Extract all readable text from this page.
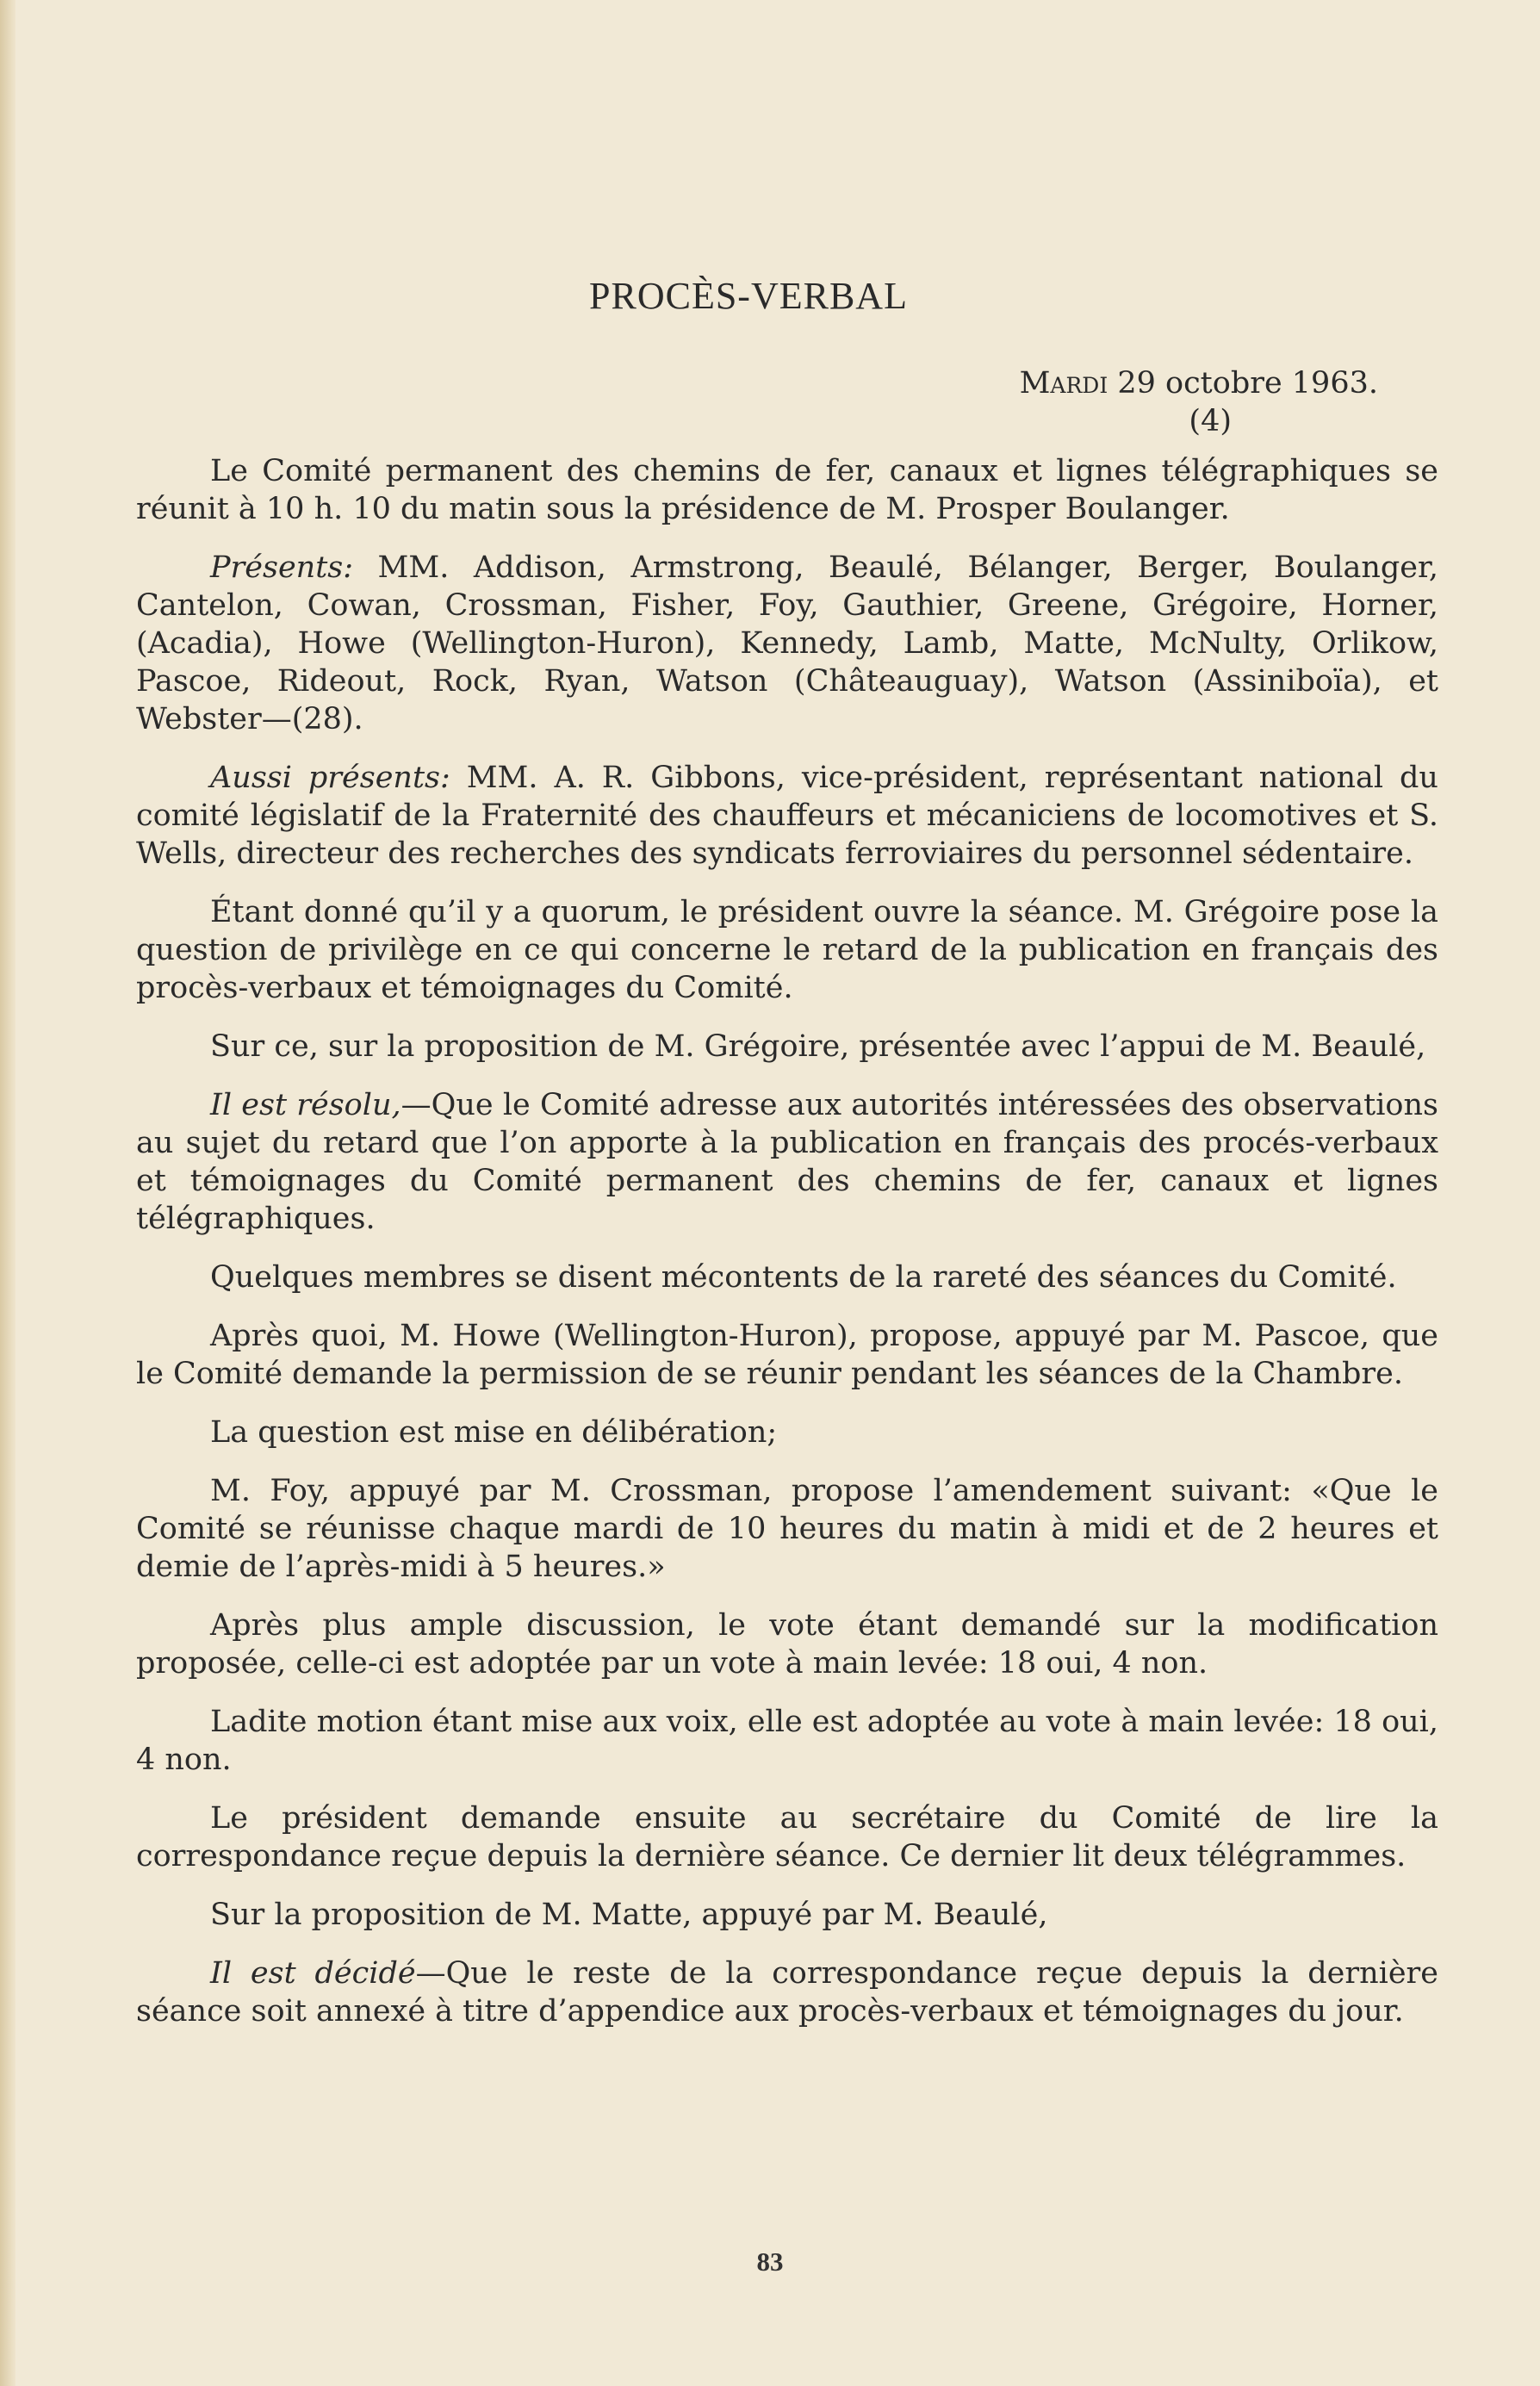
PROCÈS-VERBAL
Mardi 29 octobre 1963.
(4)

Le Comité permanent des chemins de fer, canaux et lignes télégraphiques se réunit à 10 h. 10 du matin sous la présidence de M. Prosper Boulanger.

Présents: MM. Addison, Armstrong, Beaulé, Bélanger, Berger, Boulanger, Cantelon, Cowan, Crossman, Fisher, Foy, Gauthier, Greene, Grégoire, Horner, (Acadia), Howe (Wellington-Huron), Kennedy, Lamb, Matte, McNulty, Orlikow, Pascoe, Rideout, Rock, Ryan, Watson (Châteauguay), Watson (Assiniboïa), et Webster—(28).

Aussi présents: MM. A. R. Gibbons, vice-président, représentant national du comité législatif de la Fraternité des chauffeurs et mécaniciens de locomotives et S. Wells, directeur des recherches des syndicats ferroviaires du personnel sédentaire.

Étant donné qu’il y a quorum, le président ouvre la séance. M. Grégoire pose la question de privilège en ce qui concerne le retard de la publication en français des procès-verbaux et témoignages du Comité.

Sur ce, sur la proposition de M. Grégoire, présentée avec l’appui de M. Beaulé,

Il est résolu,—Que le Comité adresse aux autorités intéressées des observations au sujet du retard que l’on apporte à la publication en français des procés-verbaux et témoignages du Comité permanent des chemins de fer, canaux et lignes télégraphiques.

Quelques membres se disent mécontents de la rareté des séances du Comité.

Après quoi, M. Howe (Wellington-Huron), propose, appuyé par M. Pascoe, que le Comité demande la permission de se réunir pendant les séances de la Chambre.

La question est mise en délibération;

M. Foy, appuyé par M. Crossman, propose l’amendement suivant: «Que le Comité se réunisse chaque mardi de 10 heures du matin à midi et de 2 heures et demie de l’après-midi à 5 heures.»

Après plus ample discussion, le vote étant demandé sur la modification proposée, celle-ci est adoptée par un vote à main levée: 18 oui, 4 non.

Ladite motion étant mise aux voix, elle est adoptée au vote à main levée: 18 oui, 4 non.

Le président demande ensuite au secrétaire du Comité de lire la correspondance reçue depuis la dernière séance. Ce dernier lit deux télégrammes.

Sur la proposition de M. Matte, appuyé par M. Beaulé,

Il est décidé—Que le reste de la correspondance reçue depuis la dernière séance soit annexé à titre d’appendice aux procès-verbaux et témoignages du jour.

83
